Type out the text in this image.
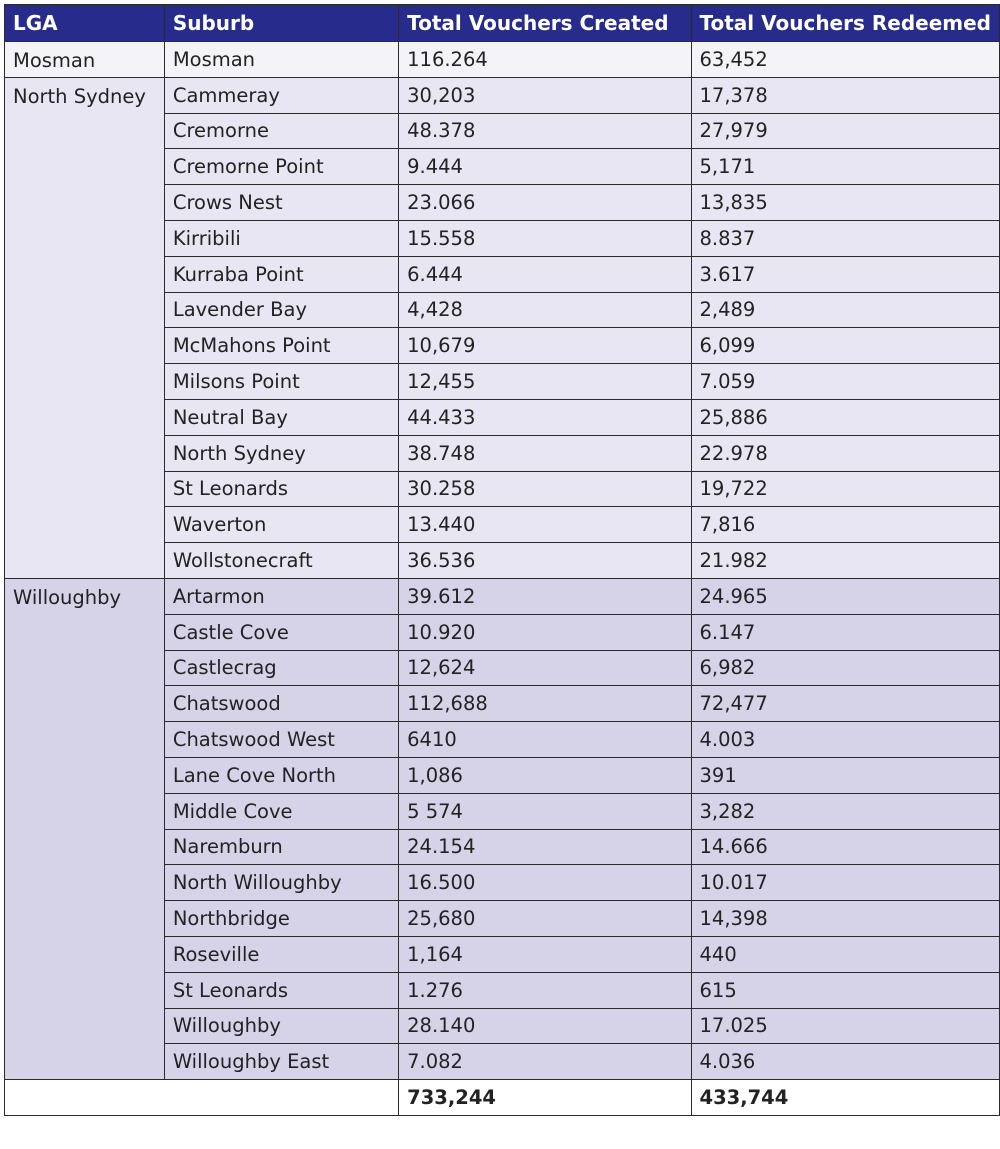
LGA	Suburb	Total Vouchers Created	Total Vouchers Redeemed
Mosman	Mosman	116.264	63,452
North Sydney	Cammeray	30,203	17,378
	Cremorne	48.378	27,979
	Cremorne Point	9.444	5,171
	Crows Nest	23.066	13,835
	Kirribili	15.558	8.837
	Kurraba Point	6.444	3.617
	Lavender Bay	4,428	2,489
	McMahons Point	10,679	6,099
	Milsons Point	12,455	7.059
	Neutral Bay	44.433	25,886
	North Sydney	38.748	22.978
	St Leonards	30.258	19,722
	Waverton	13.440	7,816
	Wollstonecraft	36.536	21.982
Willoughby	Artarmon	39.612	24.965
	Castle Cove	10.920	6.147
	Castlecrag	12,624	6,982
	Chatswood	112,688	72,477
	Chatswood West	6410	4.003
	Lane Cove North	1,086	391
	Middle Cove	5 574	3,282
	Naremburn	24.154	14.666
	North Willoughby	16.500	10.017
	Northbridge	25,680	14,398
	Roseville	1,164	440
	St Leonards	1.276	615
	Willoughby	28.140	17.025
	Willoughby East	7.082	4.036
		733,244	433,744
